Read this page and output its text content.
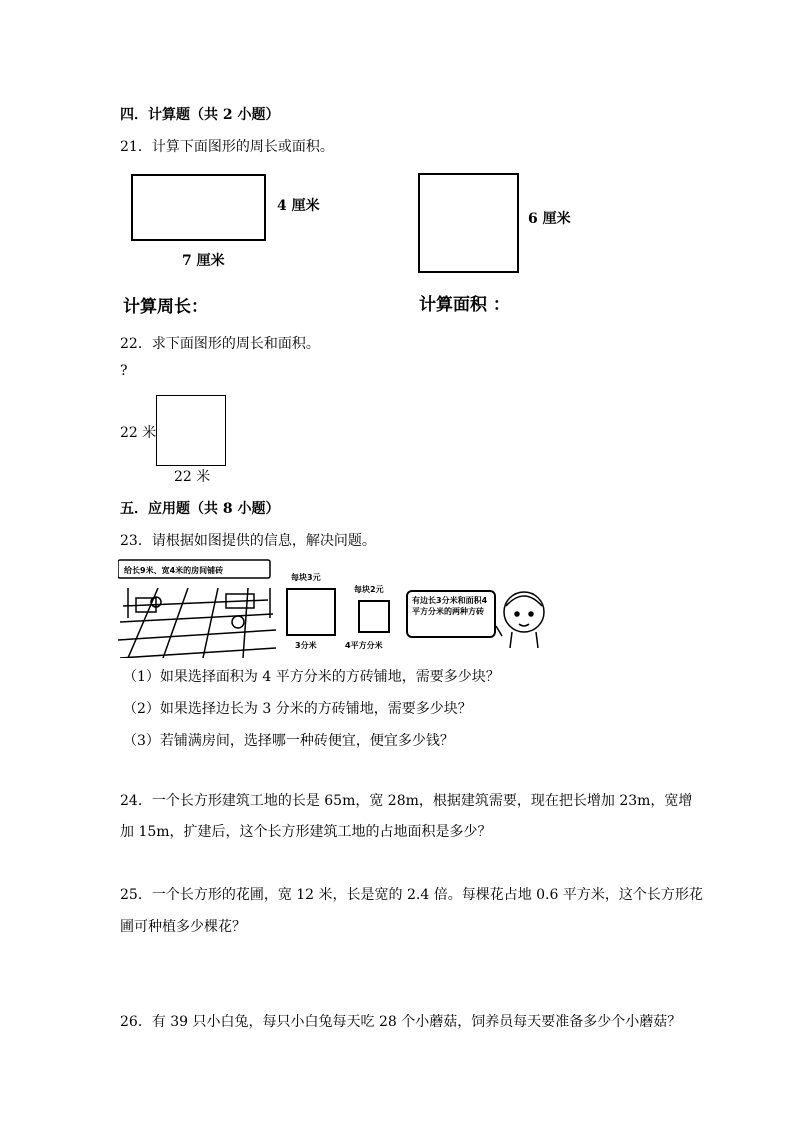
四．计算题（共 2 小题）
21．计算下面图形的周长或面积。
4 厘米
7 厘米
6 厘米
计算周长：	计算面积 ：
22．求下面图形的周长和面积。
?
22 米
22 米
五．应用题（共 8 小题）
23．请根据如图提供的信息，解决问题。
给长9米、宽4米的房间铺砖
每块3元
3分米
每块2元
4平方分米
有边长3分米和面积4平方分米的两种方砖
（1）如果选择面积为 4 平方分米的方砖铺地，需要多少块？
（2）如果选择边长为 3 分米的方砖铺地，需要多少块？
（3）若铺满房间，选择哪一种砖便宜，便宜多少钱？
24．一个长方形建筑工地的长是 65m，宽 28m，根据建筑需要，现在把长增加 23m，宽增
加 15m，扩建后，这个长方形建筑工地的占地面积是多少？
25．一个长方形的花圃，宽 12 米，长是宽的 2.4 倍。每棵花占地 0.6 平方米，这个长方形花
圃可种植多少棵花？
26．有 39 只小白兔，每只小白兔每天吃 28 个小蘑菇，饲养员每天要准备多少个小蘑菇？
